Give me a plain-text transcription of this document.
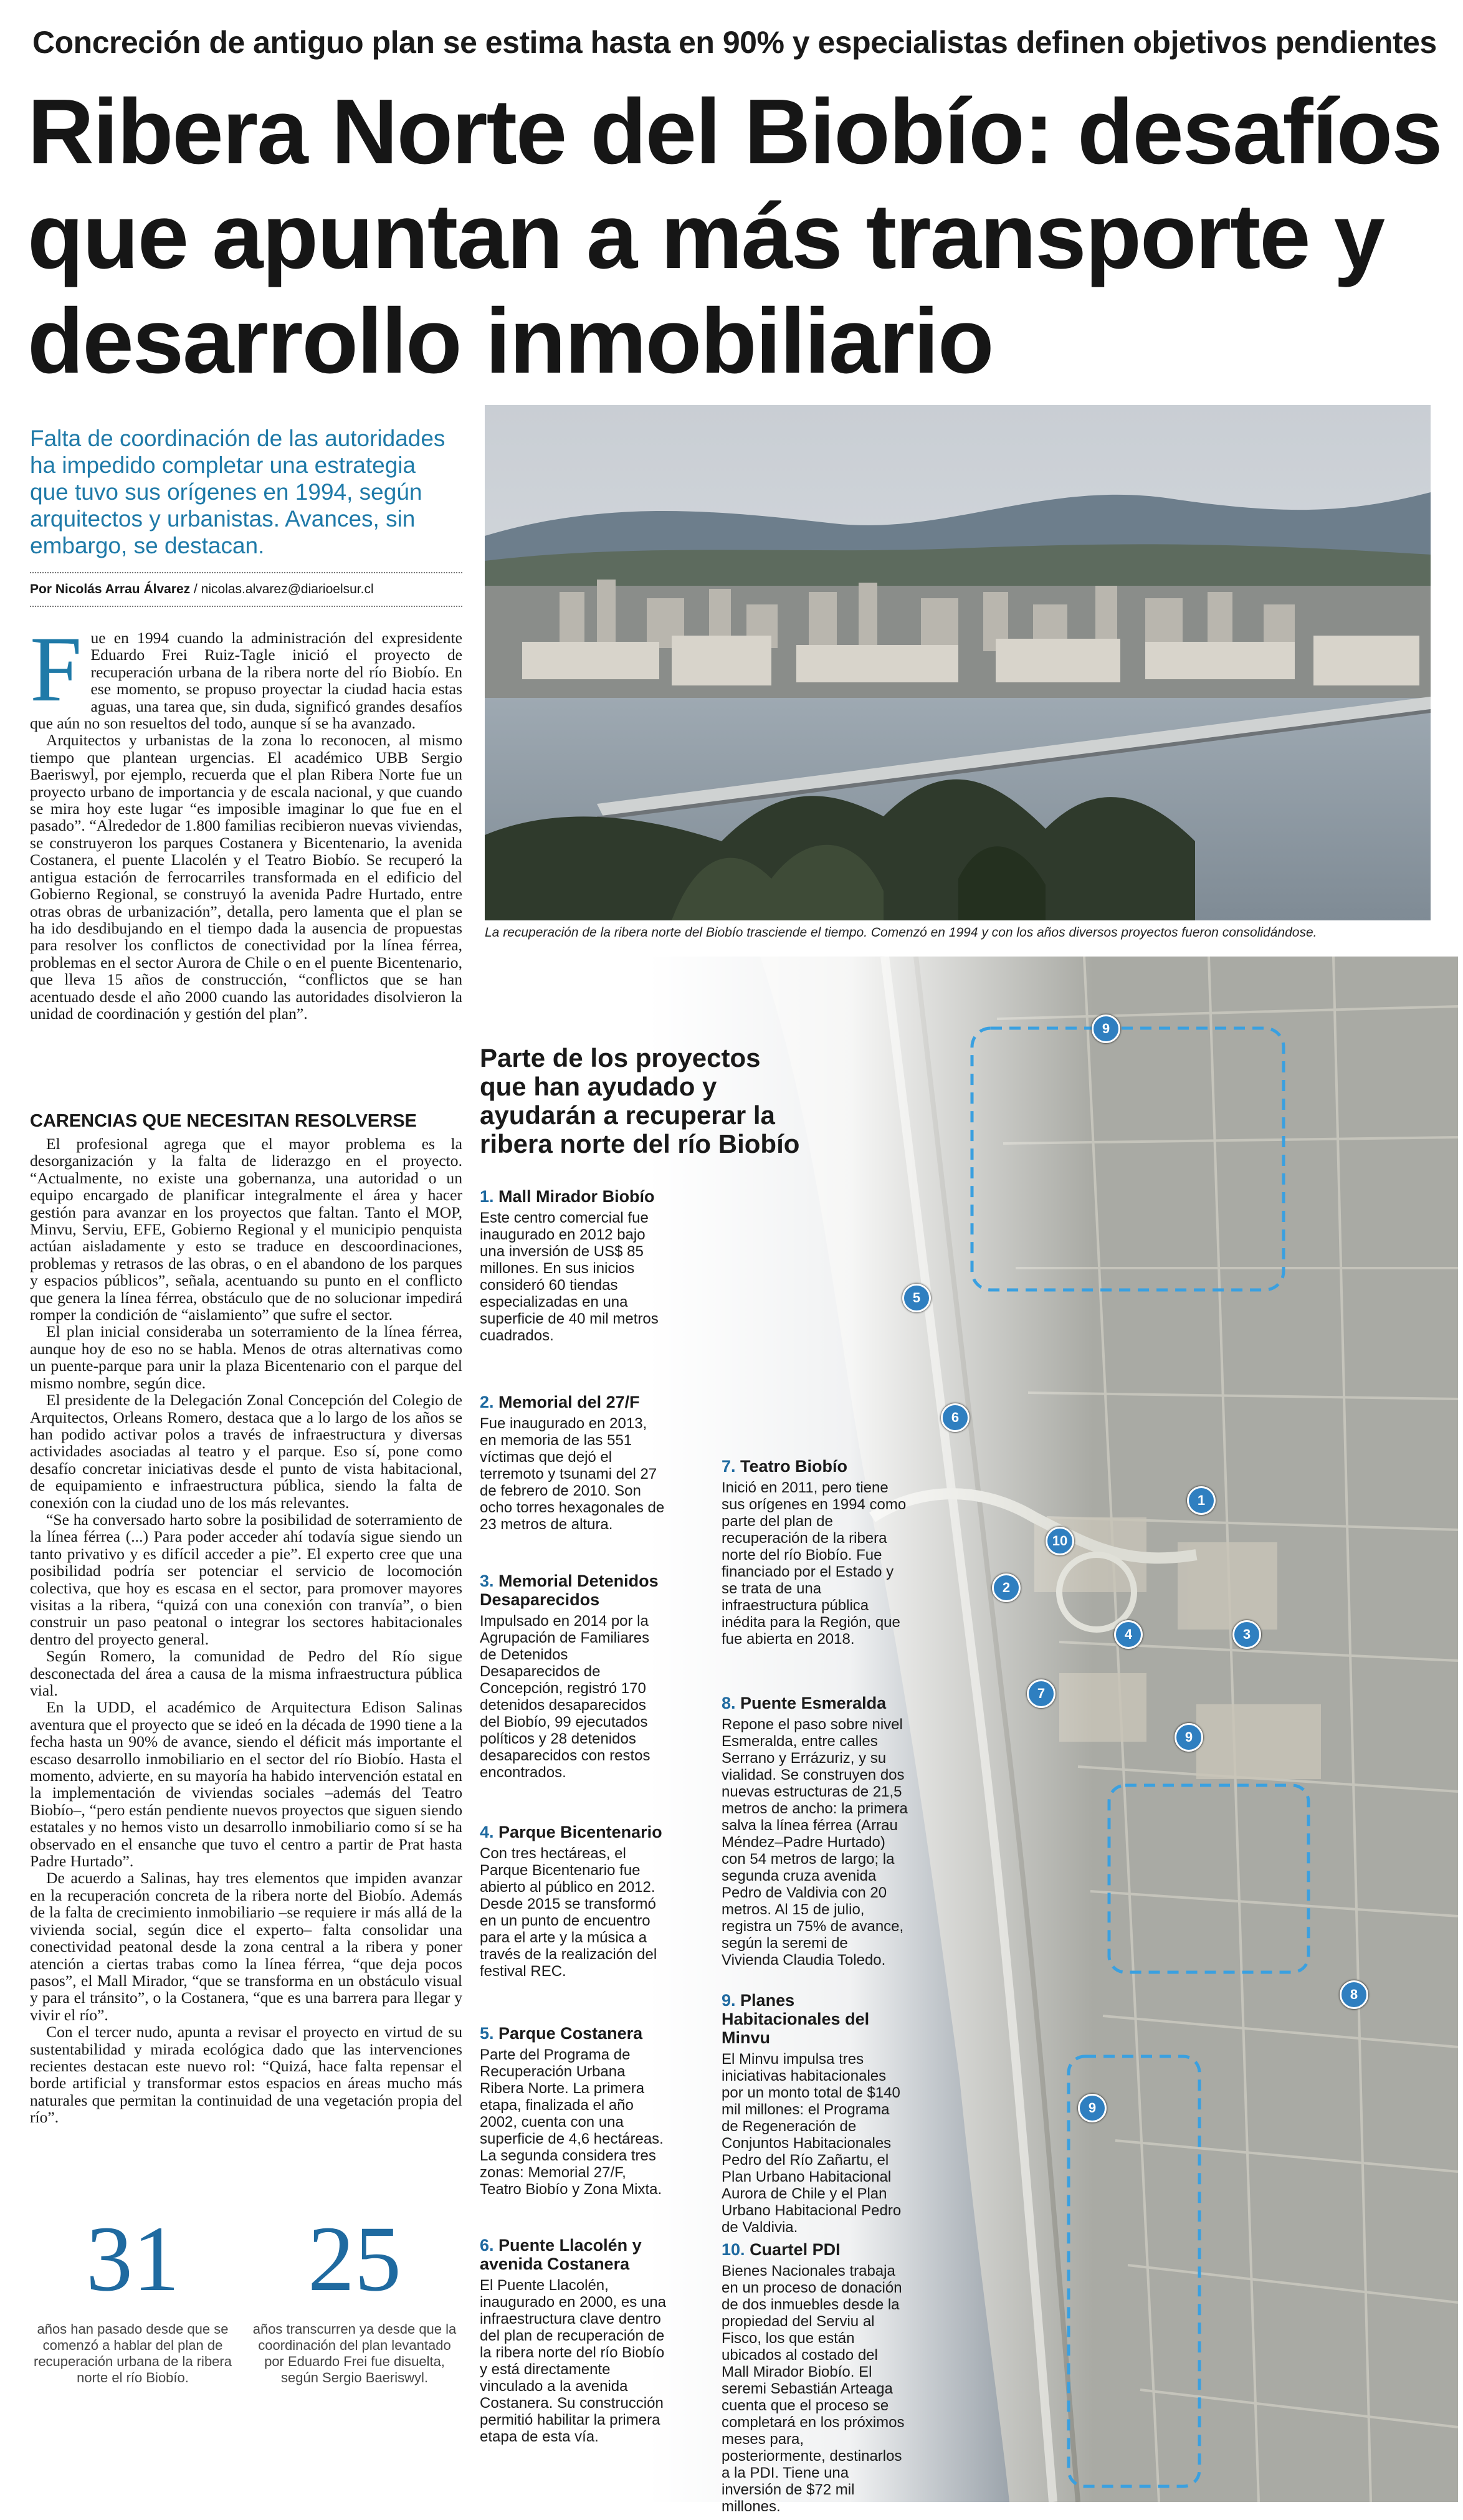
Concreción de antiguo plan se estima hasta en 90% y especialistas definen objetivos pendientes
Ribera Norte del Biobío: desafíos
que apuntan a más transporte y
desarrollo inmobiliario
Falta de coordinación de las autoridades ha impedido completar una estrategia que tuvo sus orígenes en 1994, según arquitectos y urbanistas. Avances, sin embargo, se destacan.
Por Nicolás Arrau Álvarez / nicolas.alvarez@diarioelsur.cl
F ue en 1994 cuando la administración del expresidente Eduardo Frei Ruiz-Tagle inició el proyecto de recuperación urbana de la ribera norte del río Biobío. En ese momento, se propuso proyectar la ciudad hacia estas aguas, una tarea que, sin duda, significó grandes desafíos que aún no son resueltos del todo, aunque sí se ha avanzado.

Arquitectos y urbanistas de la zona lo reconocen, al mismo tiempo que plantean urgencias. El académico UBB Sergio Baeriswyl, por ejemplo, recuerda que el plan Ribera Norte fue un proyecto urbano de importancia y de escala nacional, y que cuando se mira hoy este lugar “es imposible imaginar lo que fue en el pasado”. “Alrededor de 1.800 familias recibieron nuevas viviendas, se construyeron los parques Costanera y Bicentenario, la avenida Costanera, el puente Llacolén y el Teatro Biobío. Se recuperó la antigua estación de ferrocarriles transformada en el edificio del Gobierno Regional, se construyó la avenida Padre Hurtado, entre otras obras de urbanización”, detalla, pero lamenta que el plan se ha ido desdibujando en el tiempo dada la ausencia de propuestas para resolver los conflictos de conectividad por la línea férrea, problemas en el sector Aurora de Chile o en el puente Bicentenario, que lleva 15 años de construcción, “conflictos que se han acentuado desde el año 2000 cuando las autoridades disolvieron la unidad de coordinación y gestión del plan”.

CARENCIAS QUE NECESITAN RESOLVERSE

El profesional agrega que el mayor problema es la desorganización y la falta de liderazgo en el proyecto. “Actualmente, no existe una gobernanza, una autoridad o un equipo encargado de planificar integralmente el área y hacer gestión para avanzar en los proyectos que faltan. Tanto el MOP, Minvu, Serviu, EFE, Gobierno Regional y el municipio penquista actúan aisladamente y esto se traduce en descoordinaciones, problemas y retrasos de las obras, o en el abandono de los parques y espacios públicos”, señala, acentuando su punto en el conflicto que genera la línea férrea, obstáculo que de no solucionar impedirá romper la condición de “aislamiento” que sufre el sector.

El plan inicial consideraba un soterramiento de la línea férrea, aunque hoy de eso no se habla. Menos de otras alternativas como un puente-parque para unir la plaza Bicentenario con el parque del mismo nombre, según dice.

El presidente de la Delegación Zonal Concepción del Colegio de Arquitectos, Orleans Romero, destaca que a lo largo de los años se han podido activar polos a través de infraestructura y diversas actividades asociadas al teatro y el parque. Eso sí, pone como desafío concretar iniciativas desde el punto de vista habitacional, de equipamiento e infraestructura pública, siendo la falta de conexión con la ciudad uno de los más relevantes.

“Se ha conversado harto sobre la posibilidad de soterramiento de la línea férrea (...) Para poder acceder ahí todavía sigue siendo un tanto privativo y es difícil acceder a pie”. El experto cree que una posibilidad podría ser potenciar el servicio de locomoción colectiva, que hoy es escasa en el sector, para promover mayores visitas a la ribera, “quizá con una conexión con tranvía”, o bien construir un paso peatonal o integrar los sectores habitacionales dentro del proyecto general.

Según Romero, la comunidad de Pedro del Río sigue desconectada del área a causa de la misma infraestructura pública vial.

En la UDD, el académico de Arquitectura Edison Salinas aventura que el proyecto que se ideó en la década de 1990 tiene a la fecha hasta un 90% de avance, siendo el déficit más importante el escaso desarrollo inmobiliario en el sector del río Biobío. Hasta el momento, advierte, en su mayoría ha habido intervención estatal en la implementación de viviendas sociales –además del Teatro Biobío–, “pero están pendiente nuevos proyectos que siguen siendo estatales y no hemos visto un desarrollo inmobiliario como sí se ha observado en el ensanche que tuvo el centro a partir de Prat hasta Padre Hurtado”.

De acuerdo a Salinas, hay tres elementos que impiden avanzar en la recuperación concreta de la ribera norte del Biobío. Además de la falta de crecimiento inmobiliario –se requiere ir más allá de la vivienda social, según dice el experto– falta consolidar una conectividad peatonal desde la zona central a la ribera y poner atención a ciertas trabas como la línea férrea, “que deja pocos pasos”, el Mall Mirador, “que se transforma en un obstáculo visual y para el tránsito”, o la Costanera, “que es una barrera para llegar y vivir el río”.

Con el tercer nudo, apunta a revisar el proyecto en virtud de su sustentabilidad y mirada ecológica dado que las intervenciones recientes destacan este nuevo rol: “Quizá, hace falta repensar el borde artificial y transformar estos espacios en áreas mucho más naturales que permitan la continuidad de una vegetación propia del río”.

31
años han pasado desde que se comenzó a hablar del plan de recuperación urbana de la ribera norte el río Biobío.
25
años transcurren ya desde que la coordinación del plan levantado por Eduardo Frei fue disuelta, según Sergio Baeriswyl.
La recuperación de la ribera norte del Biobío trasciende el tiempo. Comenzó en 1994 y con los años diversos proyectos fueron consolidándose.
9
5
6
1
10
2
4	3
7
9
8
9
Parte de los proyectos que han ayudado y ayudarán a recuperar la ribera norte del río Biobío
1. Mall Mirador Biobío
Este centro comercial fue inaugurado en 2012 bajo una inversión de US$ 85 millones. En sus inicios consideró 60 tiendas especializadas en una superficie de 40 mil metros cuadrados.
2. Memorial del 27/F
Fue inaugurado en 2013, en memoria de las 551 víctimas que dejó el terremoto y tsunami del 27 de febrero de 2010. Son ocho torres hexagonales de 23 metros de altura.
3. Memorial Detenidos Desaparecidos
Impulsado en 2014 por la Agrupación de Familiares de Detenidos Desaparecidos de Concepción, registró 170 detenidos desaparecidos del Biobío, 99 ejecutados políticos y 28 detenidos desaparecidos con restos encontrados.
4. Parque Bicentenario
Con tres hectáreas, el Parque Bicentenario fue abierto al público en 2012. Desde 2015 se transformó en un punto de encuentro para el arte y la música a través de la realización del festival REC.
5. Parque Costanera
Parte del Programa de Recuperación Urbana Ribera Norte. La primera etapa, finalizada el año 2002, cuenta con una superficie de 4,6 hectáreas. La segunda considera tres zonas: Memorial 27/F, Teatro Biobío y Zona Mixta.
6. Puente Llacolén y avenida Costanera
El Puente Llacolén, inaugurado en 2000, es una infraestructura clave dentro del plan de recuperación de la ribera norte del río Biobío y está directamente vinculado a la avenida Costanera. Su construcción permitió habilitar la primera etapa de esta vía.
7. Teatro Biobío
Inició en 2011, pero tiene sus orígenes en 1994 como parte del plan de recuperación de la ribera norte del río Biobío. Fue financiado por el Estado y se trata de una infraestructura pública inédita para la Región, que fue abierta en 2018.
8. Puente Esmeralda
Repone el paso sobre nivel Esmeralda, entre calles Serrano y Errázuriz, y su vialidad. Se construyen dos nuevas estructuras de 21,5 metros de ancho: la primera salva la línea férrea (Arrau Méndez–Padre Hurtado) con 54 metros de largo; la segunda cruza avenida Pedro de Valdivia con 20 metros. Al 15 de julio, registra un 75% de avance, según la seremi de Vivienda Claudia Toledo.
9. Planes Habitacionales del Minvu
El Minvu impulsa tres iniciativas habitacionales por un monto total de $140 mil millones: el Programa de Regeneración de Conjuntos Habitacionales Pedro del Río Zañartu, el Plan Urbano Habitacional Aurora de Chile y el Plan Urbano Habitacional Pedro de Valdivia.
10. Cuartel PDI
Bienes Nacionales trabaja en un proceso de donación de dos inmuebles desde la propiedad del Serviu al Fisco, los que están ubicados al costado del Mall Mirador Biobío. El seremi Sebastián Arteaga cuenta que el proceso se completará en los próximos meses para, posteriormente, destinarlos a la PDI. Tiene una inversión de $72 mil millones.
